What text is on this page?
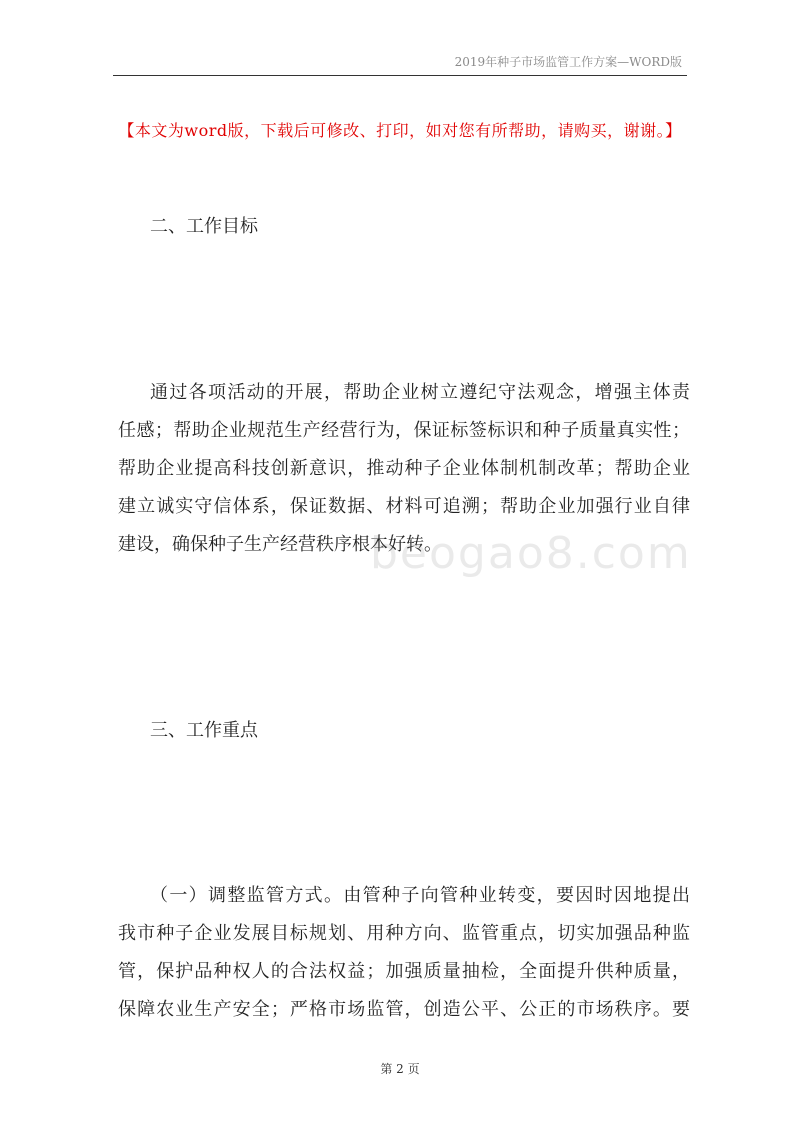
2019年种子市场监管工作方案—WORD版
【本文为word版，下载后可修改、打印，如对您有所帮助，请购买，谢谢。】
二、工作目标
通过各项活动的开展，帮助企业树立遵纪守法观念，增强主体责
任感；帮助企业规范生产经营行为，保证标签标识和种子质量真实性；
帮助企业提高科技创新意识，推动种子企业体制机制改革；帮助企业
建立诚实守信体系，保证数据、材料可追溯；帮助企业加强行业自律
建设，确保种子生产经营秩序根本好转。
beogao8.com
三、工作重点
（一）调整监管方式。由管种子向管种业转变，要因时因地提出
我市种子企业发展目标规划、用种方向、监管重点，切实加强品种监
管，保护品种权人的合法权益；加强质量抽检，全面提升供种质量，
保障农业生产安全；严格市场监管，创造公平、公正的市场秩序。要
第 2 页
